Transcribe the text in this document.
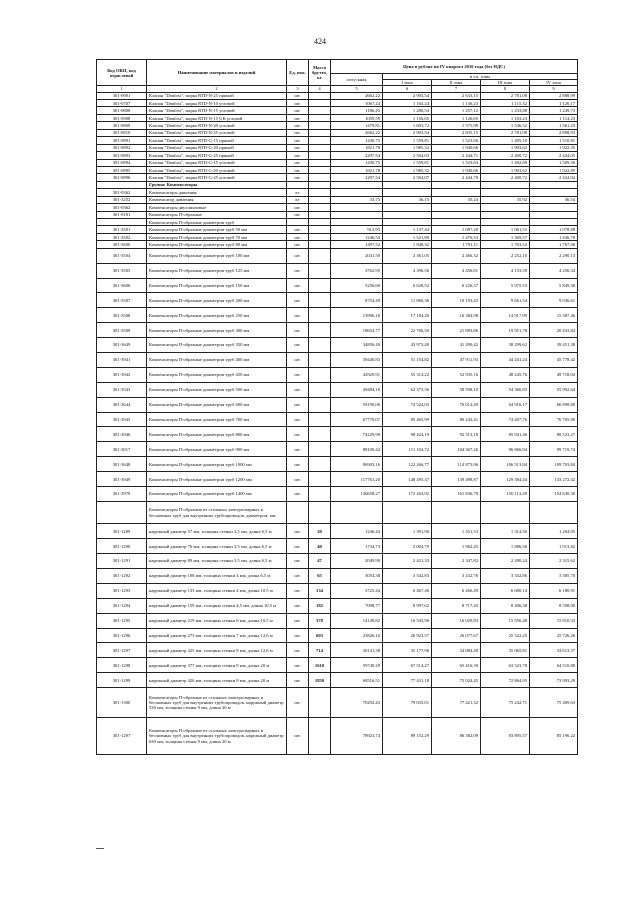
424
Код ОКП, код отраслевой	Наименование материалов и изделий	Ед. изм.	Масса брутто, кг	Цена в рублях на IV квартал 2016 года (без НДС)				
				отпускная	в т.ч. зоны			
					I зона	II зона	III зона	IV зона
1	2	3	4	5	6	7	8	9
301-0901	Клапан "Danfoss", марка RTD-N-25 прямой	шт.		2662,22	2 903,54	2 633,15	2 781,08	2 888,99
301-0707	Клапан "Danfoss", марка RTD-N-10 угловой	шт.		1067,24	1 163,24	1 136,23	1 115,32	1 126,17
301-0808	Клапан "Danfoss", марка RTD-N-15 угловой	шт.		1186,45	1 286,54	1 257,12	1 233,88	1 249,73
301-0908	Клапан "Danfoss", марка RTD-N-15 UK угловой	шт.		1059,59	1 156,65	1 126,65	1 103,23	1 114,23
301-0809	Клапан "Danfoss", марка RTD-N-20 угловой	шт.		1479,81	1 603,72	1 575,99	1 546,32	1 561,23
301-0810	Клапан "Danfoss", марка RTD-N-25 угловой	шт.		2662,22	2 903,54	2 835,15	2 781,08	2 898,93
301-0891	Клапан "Danfoss", марка RTD-G-15 прямой	шт.		1430,75	1 559,81	1 523,66	1 495,10	1 510,81
301-0892	Клапан "Danfoss", марка RTD-G-20 прямой	шт.		1821,78	1 985,32	1 940,66	1 903,62	1 922,35
301-0893	Клапан "Danfoss", марка RTD-G-25 прямой	шт.		2297,54	2 504,03	2 444,71	2 400,72	2 424,05
301-0894	Клапан "Danfoss", марка RTD-G-15 угловой	шт.		1430,75	1 559,81	1 523,63	1 492,69	1 509,56
301-0895	Клапан "Danfoss", марка RTD-G-20 угловой	шт.		1821,78	1 985,32	1 940,66	1 903,62	1 922,85
301-0896	Клапан "Danfoss", марка RTD-G-25 угловой	шт.		2297,54	2 504,07	2 444,78	2 400,72	2 424,04
	Группа: Компенсаторы							
301-0362	Компенсаторы давления	кт						
301-3252	Компенсатор давления	кт		33,75	36,15	35,24	35,92	36,54
301-0362	Компенсаторы двухлинзовые	шт.						
301-0181	Компенсаторы П-образные	шт.						
	Компенсаторы П-образные диаметром труб							
301-3501	Компенсаторы П-образные диаметром труб 50 мм	шт.		912,93	1 137,44	1 087,20	1 061,51	1 078,88
301-3502	Компенсаторы П-образные диаметром труб 70 мм	шт.		1246,54	1 521,89	1 476,53	1 369,57	1 436,78
301-3600	Компенсаторы П-образные диаметром труб 80 мм	шт.		1497,52	1 848,32	1 791,11	1 763,52	1 767,06
301-3504	Компенсаторы П-образные диаметром труб 100 мм	шт.		2041,50	2 361,05	2 466,32	2 252,10	2 290,13
301-3505	Компенсаторы П-образные диаметром труб 125 мм	шт.		3762,95	4 396,56	4 456,81	4 153,59	4 256,34
301-3606	Компенсаторы П-образные диаметром труб 150 мм	шт.		5256,60	6 628,52	6 226,37	5 975,53	5 849,30
301-3507	Компенсаторы П-образные диаметром труб 200 мм	шт.		8754,49	11 866,36	10 193,43	9 661,54	9 936,61
301-3508	Компенсаторы П-образные диаметром труб 250 мм	шт.		13996,16	17 184,20	16 384,98	14 917,99	15 387,46
301-3509	Компенсаторы П-образные диаметром труб 300 мм	шт.		18654,77	22 766,50	21 883,86	19 951,78	20 433,84
301-3649	Компенсаторы П-образные диаметром труб 350 мм	шт.		34856,49	43 973,48	41 290,42	38 299,62	39 451,38
301-3941	Компенсаторы П-образные диаметром труб 400 мм	шт.		39446,83	51 154,82	47 911,93	44 441,24	45 778,42
301-3942	Компенсаторы П-образные диаметром труб 450 мм	шт.		42929,91	55 314,22	52 935,16	48 245,76	49 718,04
301-3543	Компенсаторы П-образные диаметром труб 500 мм	шт.		49484,16	62 373,36	58 598,10	54 366,83	55 992,64
301-3644	Компенсаторы П-образные диаметром труб 600 мм	шт.		59190,06	74 524,03	70 012,49	64 916,17	66 898,80
301-3945	Компенсаторы П-образные диаметром труб 700 мм	шт.		67770,07	85 465,99	80 243,41	74 407,76	76 705,90
301-3946	Компенсаторы П-образные диаметром труб 800 мм	шт.		74229,99	98 424,19	92 513,18	85 941,46	88 523,27
301-3017	Компенсаторы П-образные диаметром труб 900 мм	шт.		88100,44	111 104,72	104 367,26	96 866,94	99 719,74
301-3648	Компенсаторы П-образные диаметром труб 1000 мм	шт.		96903,16	122 266,77	114 873,96	106 513,84	109 703,84
301-3949	Компенсаторы П-образные диаметром труб 1200 мм	шт.		117761,20	148 495,37	139 498,87	129 384,44	133 272,42
301-3979	Компенсаторы П-образные диаметром труб 1400 мм	шт.		136658,27	172 263,92	161 836,78	150 113,49	154 630,30
	Компенсаторы П-образные из стальных электросварных и бесшовных труб для внутренних трубопроводов, диаметром, мм							
301-1289	наружный диаметр 57 мм, толщина стенки 3,5 мм, длина 6,5 м	шт.	20	1246,44	1 391,90	1 351,53	1 314,56	1 204,95
301-1290	наружный диаметр 76 мм, толщина стенки 3,5 мм, длина 6,5 м	шт.	40	1734,73	2 004,79	1 962,45	1 886,56	1 913,82
301-1291	наружный диаметр 89 мм, толщина стенки 3,5 мм, длина 6,5 м	шт.	47	2049,90	2 421,33	2 347,82	2 280,24	2 315,62
301-1292	наружный диаметр 108 мм, толщина стенки 4 мм, длина 6,5 м	шт.	65	3054,38	3 542,83	3 432,76	3 332,86	3 385,70
301-1293	наружный диаметр 133 мм, толщина стенки 4 мм, длина 10,5 м	шт.	134	5725,44	6 467,46	6 266,49	6 080,14	6 180,91
301-1294	наружный диаметр 159 мм, толщина стенки 4,5 мм, длина 10,5 м	шт.	182	7098,77	8 997,62	8 717,45	8 406,38	8 598,00
301-1295	наружный диаметр 219 мм, толщина стенки 6 мм, длина 10,5 м	шт.	370	14149,82	16 543,96	16 029,83	15 556,48	15 810,33
301-1296	наружный диаметр 273 мм, толщина стенки 7 мм, длина 12,6 м	шт.	603	23826,10	26 923,57	26 077,67	25 322,25	25 726,26
301-1297	наружный диаметр 325 мм, толщина стенки 8 мм, длина 12,6 м	шт.	714	30141,38	35 177,96	34 084,49	35 065,81	33 613,37
301-1298	наружный диаметр 377 мм, толщина стенки 9 мм, длина 20 м	шт.	1610	59749,29	67 514,27	65 416,39	63 523,78	64 510,88
301-1299	наружный диаметр 426 мм, толщина стенки 9 мм, длина 20 м	шт.	1850	68516,51	77 431,18	75 024,45	72 864,95	73 993,29
301-1300	Компенсаторы П-образные из стальных электросварных и бесшовных труб для внутренних трубопроводов, наружный диаметр 530 мм, толщина стенки 9 мм, длина 20 м	шт.		70292,43	79 035,01	77 421,32	75 242,71	75 409,63
301-1297	Компенсаторы П-образные из стальных электросварных и бесшовных труб для внутренних трубопроводов, наружный диаметр 630 мм, толщина стенки 9 мм, длина 20 м	шт.		78923,74	89 152,29	86 382,09	83 895,57	85 196,22
